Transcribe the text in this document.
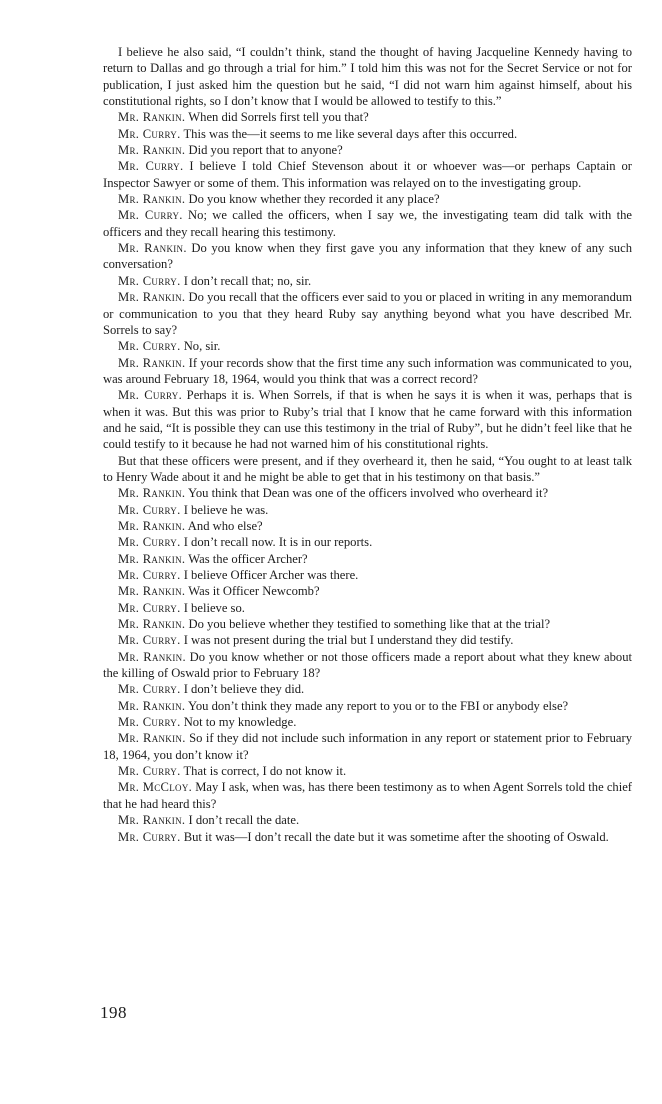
I believe he also said, “I couldn’t think, stand the thought of having Jacqueline Kennedy having to return to Dallas and go through a trial for him.” I told him this was not for the Secret Service or not for publication, I just asked him the question but he said, “I did not warn him against himself, about his constitutional rights, so I don’t know that I would be allowed to testify to this.”

Mr. Rankin. When did Sorrels first tell you that?

Mr. Curry. This was the—it seems to me like several days after this occurred.

Mr. Rankin. Did you report that to anyone?

Mr. Curry. I believe I told Chief Stevenson about it or whoever was—or perhaps Captain or Inspector Sawyer or some of them. This information was relayed on to the investigating group.

Mr. Rankin. Do you know whether they recorded it any place?

Mr. Curry. No; we called the officers, when I say we, the investigating team did talk with the officers and they recall hearing this testimony.

Mr. Rankin. Do you know when they first gave you any information that they knew of any such conversation?

Mr. Curry. I don’t recall that; no, sir.

Mr. Rankin. Do you recall that the officers ever said to you or placed in writing in any memorandum or communication to you that they heard Ruby say anything beyond what you have described Mr. Sorrels to say?

Mr. Curry. No, sir.

Mr. Rankin. If your records show that the first time any such information was communicated to you, was around February 18, 1964, would you think that was a correct record?

Mr. Curry. Perhaps it is. When Sorrels, if that is when he says it is when it was, perhaps that is when it was. But this was prior to Ruby’s trial that I know that he came forward with this information and he said, “It is possible they can use this testimony in the trial of Ruby”, but he didn’t feel like that he could testify to it because he had not warned him of his constitutional rights.

But that these officers were present, and if they overheard it, then he said, “You ought to at least talk to Henry Wade about it and he might be able to get that in his testimony on that basis.”

Mr. Rankin. You think that Dean was one of the officers involved who overheard it?

Mr. Curry. I believe he was.

Mr. Rankin. And who else?

Mr. Curry. I don’t recall now. It is in our reports.

Mr. Rankin. Was the officer Archer?

Mr. Curry. I believe Officer Archer was there.

Mr. Rankin. Was it Officer Newcomb?

Mr. Curry. I believe so.

Mr. Rankin. Do you believe whether they testified to something like that at the trial?

Mr. Curry. I was not present during the trial but I understand they did testify.

Mr. Rankin. Do you know whether or not those officers made a report about what they knew about the killing of Oswald prior to February 18?

Mr. Curry. I don’t believe they did.

Mr. Rankin. You don’t think they made any report to you or to the FBI or anybody else?

Mr. Curry. Not to my knowledge.

Mr. Rankin. So if they did not include such information in any report or statement prior to February 18, 1964, you don’t know it?

Mr. Curry. That is correct, I do not know it.

Mr. McCloy. May I ask, when was, has there been testimony as to when Agent Sorrels told the chief that he had heard this?

Mr. Rankin. I don’t recall the date.

Mr. Curry. But it was—I don’t recall the date but it was sometime after the shooting of Oswald.

198
